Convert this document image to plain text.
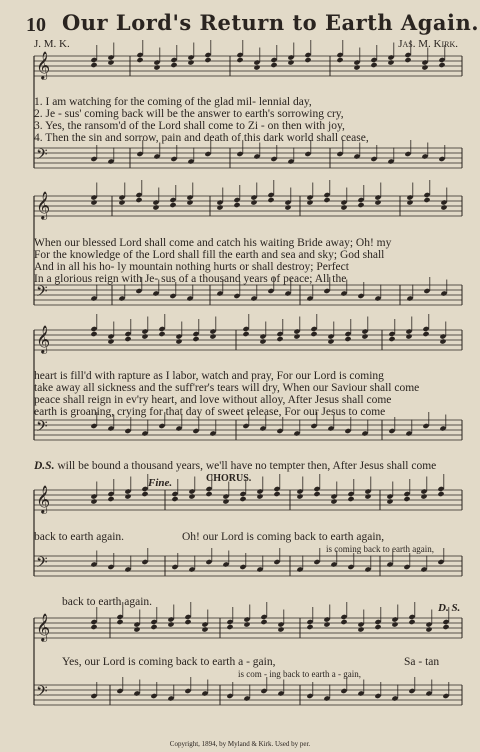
10 Our Lord's Return to Earth Again.
J. M. K.	Jas. M. Kirk.
𝄞
𝄢
𝄞
𝄢
𝄞
𝄢
𝄞
𝄢
𝄞
𝄢
1. I am watching for the coming of the glad mil- lennial day,
2. Je - sus' coming back will be the answer to earth's sorrowing cry,
3. Yes, the ransom'd of the Lord shall come to Zi - on then with joy,
4. Then the sin and sorrow, pain and death of this dark world shall cease,
When our blessed Lord shall come and catch his waiting Bride away; Oh! my
For the knowledge of the Lord shall fill the earth and sea and sky; God shall
And in all his ho- ly mountain nothing hurts or shall destroy; Perfect
In a glorious reign with Je- sus of a thousand years of peace; All the
heart is fill'd with rapture as I labor, watch and pray, For our Lord is coming
take away all sickness and the suff'rer's tears will dry, When our Saviour shall come
peace shall reign in ev'ry heart, and love without alloy, After Jesus shall come
earth is groaning, crying for that day of sweet release, For our Jesus to come
D.S. will be bound a thousand years, we'll have no tempter then, After Jesus shall come
Fine.	CHORUS.
back to earth again.	Oh! our Lord is coming back to earth again,
is coming back to earth again,
back to earth again.	D. S.
Yes, our Lord is coming back to earth a - gain,	Sa - tan
is com - ing back to earth a - gain,
Copyright, 1894, by Myland & Kirk. Used by per.
